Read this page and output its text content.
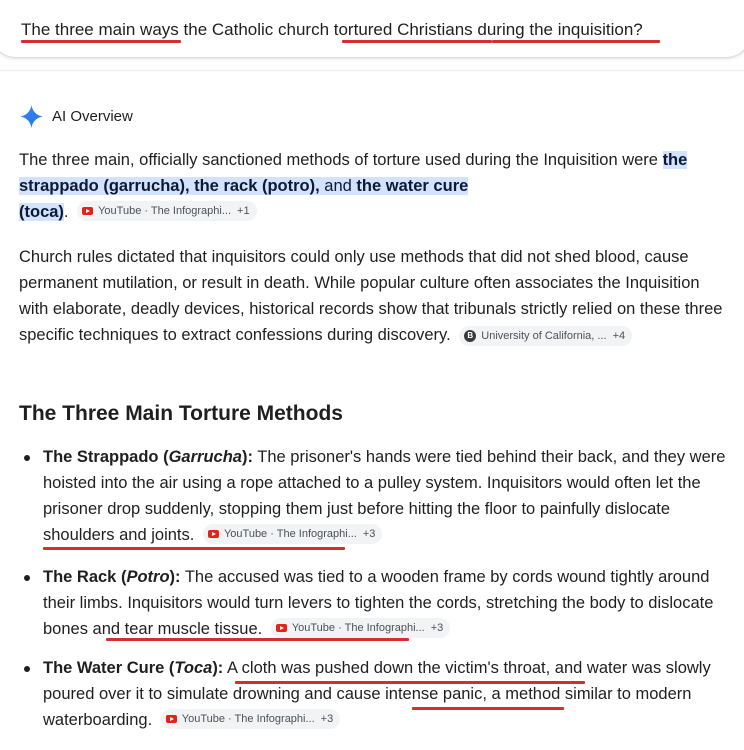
The three main ways the Catholic church tortured Christians during the inquisition?
AI Overview
The three main, officially sanctioned methods of torture used during the Inquisition were the strappado (garrucha), the rack (potro), and the water cure
(toca).	YouTube · The Infographi... +1
Church rules dictated that inquisitors could only use methods that did not shed blood, cause permanent mutilation, or result in death. While popular culture often associates the Inquisition with elaborate, deadly devices, historical records show that tribunals strictly relied on these three specific techniques to extract confessions during discovery.	B University of California, ... +4
The Three Main Torture Methods
The Strappado (Garrucha): The prisoner's hands were tied behind their back, and they were hoisted into the air using a rope attached to a pulley system. Inquisitors would often let the prisoner drop suddenly, stopping them just before hitting the floor to painfully dislocate shoulders and joints.	YouTube · The Infographi... +3
The Rack (Potro): The accused was tied to a wooden frame by cords wound tightly around their limbs. Inquisitors would turn levers to tighten the cords, stretching the body to dislocate bones and tear muscle tissue.	YouTube · The Infographi... +3
The Water Cure (Toca): A cloth was pushed down the victim's throat, and water was slowly poured over it to simulate drowning and cause intense panic, a method similar to modern waterboarding.	YouTube · The Infographi... +3
